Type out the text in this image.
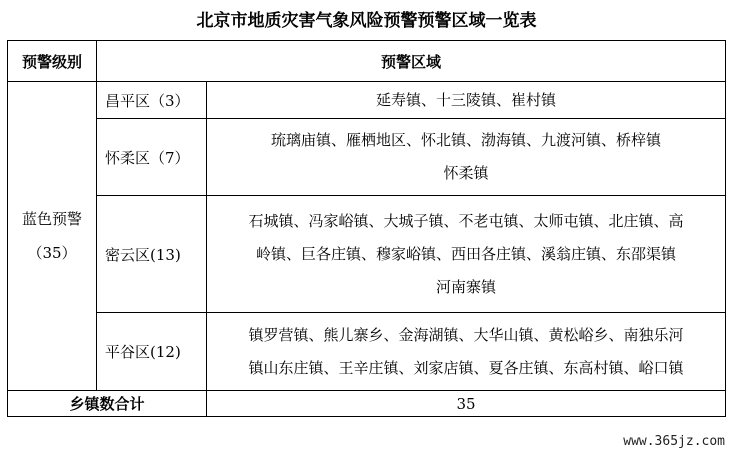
北京市地质灾害气象风险预警预警区域一览表
预警级别	预警区域	

蓝色预警
（35）	昌平区（3）	延寿镇、十三陵镇、崔村镇

	怀柔区（7）	琉璃庙镇、雁栖地区、怀北镇、渤海镇、九渡河镇、桥梓镇
怀柔镇

	密云区(13)	石城镇、冯家峪镇、大城子镇、不老屯镇、太师屯镇、北庄镇、高
岭镇、巨各庄镇、穆家峪镇、西田各庄镇、溪翁庄镇、东邵渠镇
河南寨镇

	平谷区(12)	镇罗营镇、熊儿寨乡、金海湖镇、大华山镇、黄松峪乡、南独乐河
镇山东庄镇、王辛庄镇、刘家店镇、夏各庄镇、东高村镇、峪口镇

乡镇数合计		35
www.365jz.com
